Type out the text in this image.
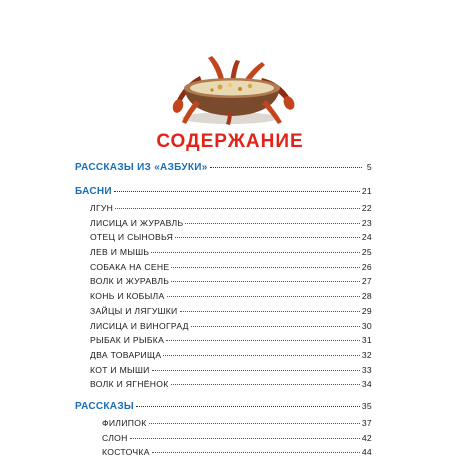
СОДЕРЖАНИЕ
РАССКАЗЫ ИЗ «АЗБУКИ»	5
БАСНИ	21
ЛГУН	22
ЛИСИЦА И ЖУРАВЛЬ	23
ОТЕЦ И СЫНОВЬЯ	24
ЛЕВ И МЫШЬ	25
СОБАКА НА СЕНЕ	26
ВОЛК И ЖУРАВЛЬ	27
КОНЬ И КОБЫЛА	28
ЗАЙЦЫ И ЛЯГУШКИ	29
ЛИСИЦА И ВИНОГРАД	30
РЫБАК И РЫБКА	31
ДВА ТОВАРИЩА	32
КОТ И МЫШИ	33
ВОЛК И ЯГНЁНОК	34
РАССКАЗЫ	35
ФИЛИПОК	37
СЛОН	42
КОСТОЧКА	44
